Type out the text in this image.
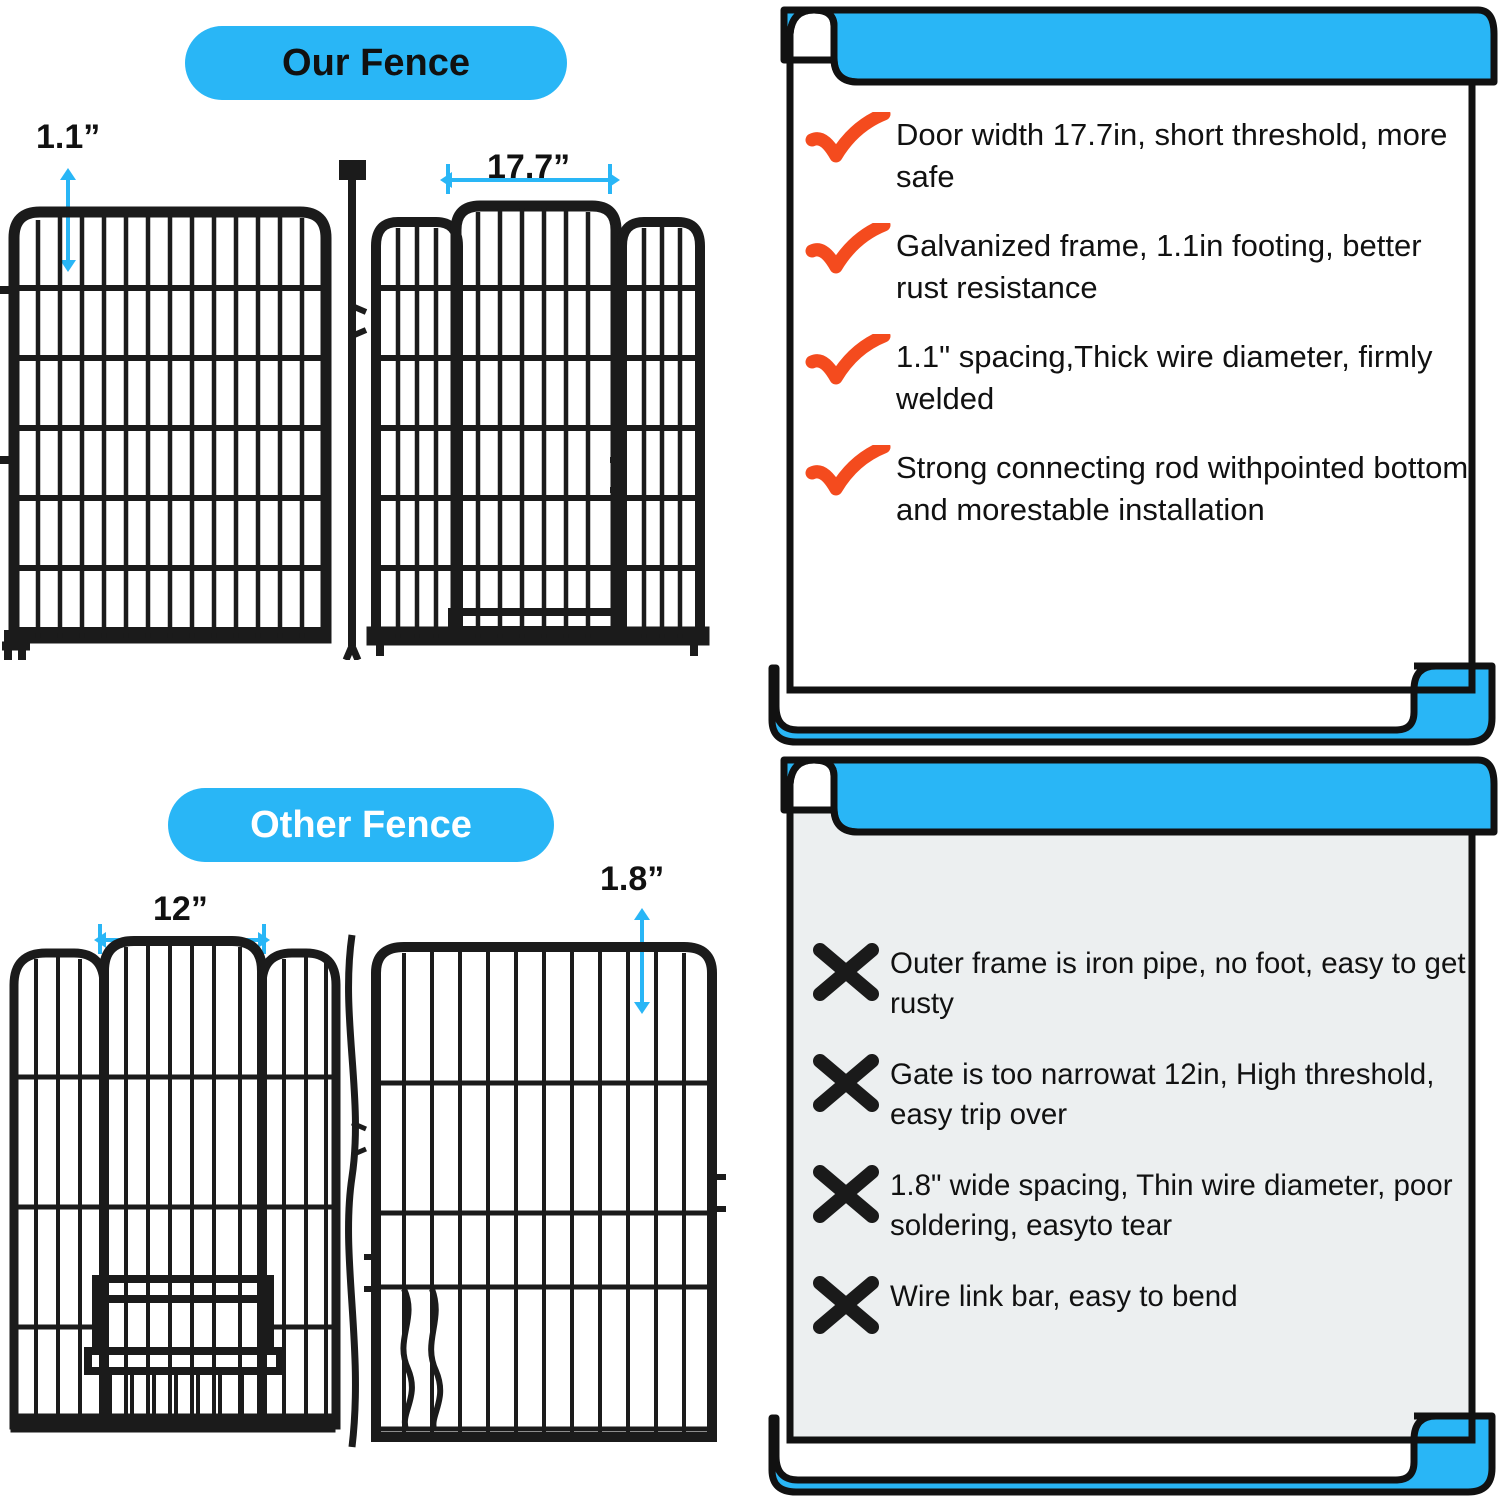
Our Fence
1.1”
17.7”
Door width 17.7in, short threshold, more safe
Galvanized frame, 1.1in footing, better rust resistance
1.1" spacing,Thick wire diameter, firmly welded
Strong connecting rod withpointed bottom and morestable installation
Other Fence
12”
1.8”
Outer frame is iron pipe, no foot, easy to get rusty
Gate is too narrowat 12in, High threshold, easy trip over
1.8" wide spacing, Thin wire diameter, poor soldering, easyto tear
Wire link bar, easy to bend
